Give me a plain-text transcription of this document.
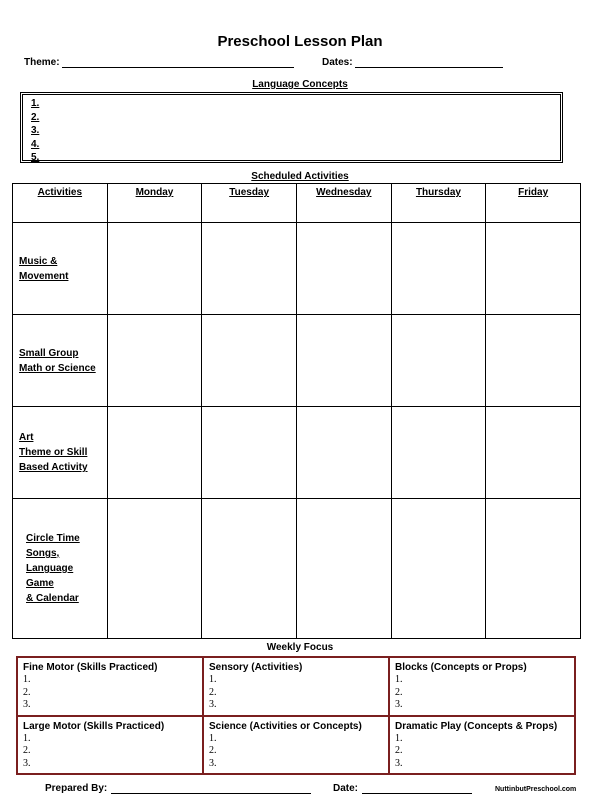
Preschool Lesson Plan
Theme:	Dates:
Language Concepts
1.
2.
3.
4.
5.
Scheduled Activities
Activities	Monday	Tuesday	Wednesday	Thursday	Friday

Music &
Movement					

Small Group
Math or Science					

Art
Theme or Skill
Based Activity					

Circle Time
Songs,
Language
Game
& Calendar					

Weekly Focus
Fine Motor (Skills Practiced)
1.
2.
3.	Sensory (Activities)
1.
2.
3.	Blocks (Concepts or Props)
1.
2.
3.

Large Motor (Skills Practiced)
1.
2.
3.	Science (Activities or Concepts)
1.
2.
3.	Dramatic Play (Concepts & Props)
1.
2.
3.
Prepared By:	Date:	NuttinbutPreschool.com
